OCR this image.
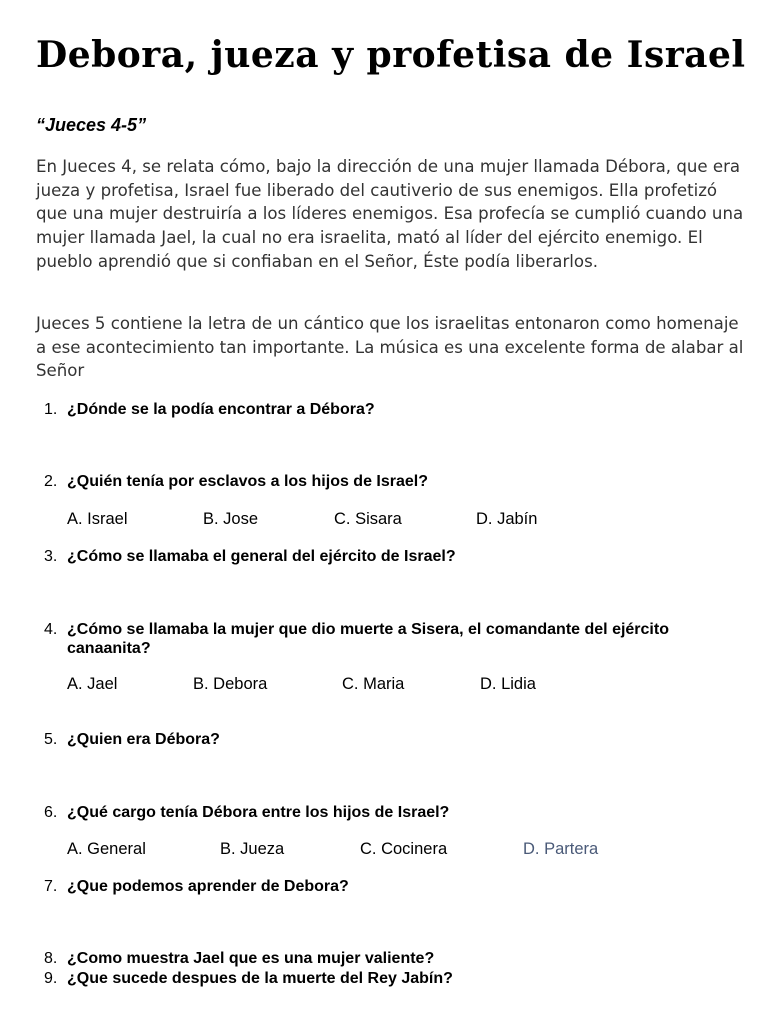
Debora, jueza y profetisa de Israel
“Jueces 4-5”

En Jueces 4, se relata cómo, bajo la dirección de una mujer llamada Débora, que era jueza y profetisa, Israel fue liberado del cautiverio de sus enemigos. Ella profetizó que una mujer destruiría a los líderes enemigos. Esa profecía se cumplió cuando una mujer llamada Jael, la cual no era israelita, mató al líder del ejército enemigo. El pueblo aprendió que si confiaban en el Señor, Éste podía liberarlos.

Jueces 5 contiene la letra de un cántico que los israelitas entonaron como homenaje a ese acontecimiento tan importante. La música es una excelente forma de alabar al Señor

1. ¿Dónde se la podía encontrar a Débora?
2. ¿Quién tenía por esclavos a los hijos de Israel?
A. Israel	B. Jose	C. Sisara	D. Jabín
3. ¿Cómo se llamaba el general del ejército de Israel?
4. ¿Cómo se llamaba la mujer que dio muerte a Sisera, el comandante del ejército canaanita?
A. Jael	B. Debora	C. Maria	D. Lidia
5. ¿Quien era Débora?
6. ¿Qué cargo tenía Débora entre los hijos de Israel?
A. General	B. Jueza	C. Cocinera	D. Partera
7. ¿Que podemos aprender de Debora?
8. ¿Como muestra Jael que es una mujer valiente?
9. ¿Que sucede despues de la muerte del Rey Jabín?
